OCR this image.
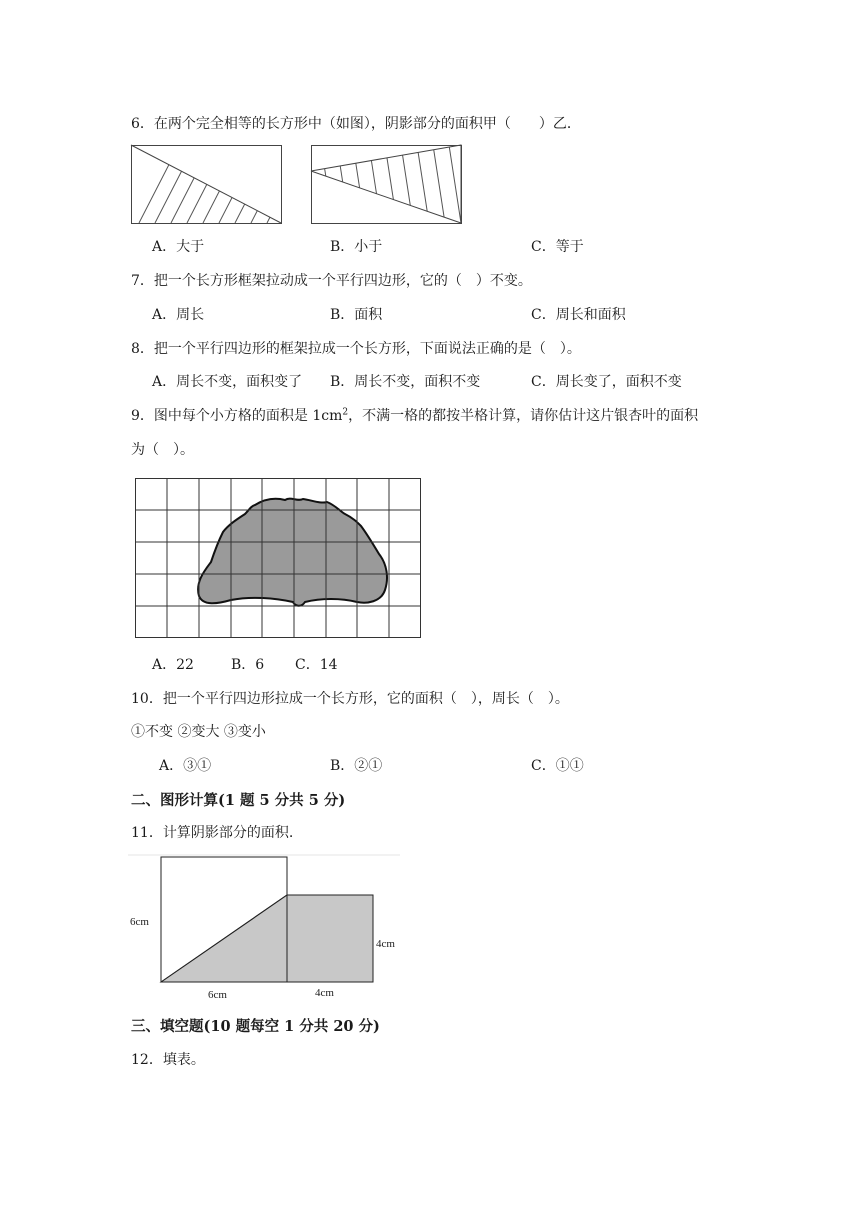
6．在两个完全相等的长方形中（如图），阴影部分的面积甲（　　）乙．
A．大于	B．小于	C．等于
7．把一个长方形框架拉动成一个平行四边形，它的（　）不变。
A．周长	B．面积	C．周长和面积
8．把一个平行四边形的框架拉成一个长方形，下面说法正确的是（　）。
A．周长不变，面积变了 B．周长不变，面积不变	C．周长变了，面积不变
9．图中每个小方格的面积是 $1cm^2$，不满一格的都按半格计算，请你估计这片银杏叶的面积
为（　）。
A．22	B．6 C．14
10．把一个平行四边形拉成一个长方形，它的面积（　），周长（　）。
①不变 ②变大 ③变小
A．③①	B．②①	C．①①
二、图形计算(1 题 5 分共 5 分)
11．计算阴影部分的面积.
6cm
4cm
6cm	4cm
三、填空题(10 题每空 1 分共 20 分)
12．填表。
